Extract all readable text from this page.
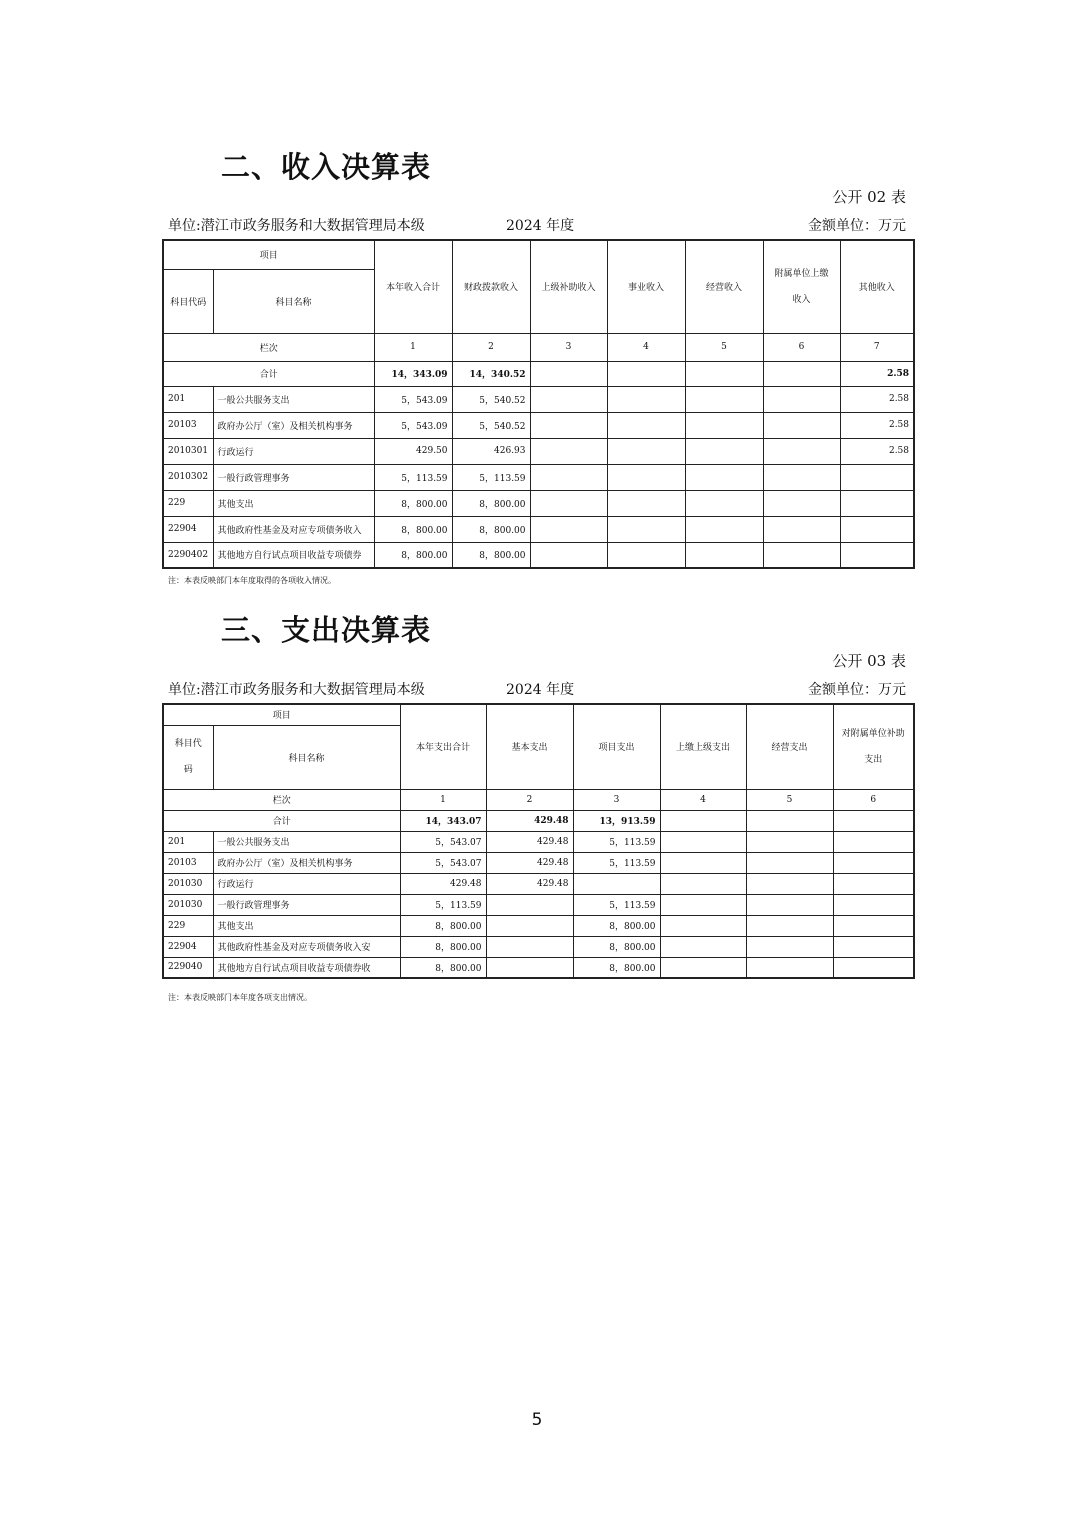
二、收入决算表
公开 02 表
单位:潜江市政务服务和大数据管理局本级	2024 年度	金额单位：万元
项目		本年收入合计	财政拨款收入	上级补助收入	事业收入	经营收入	附属单位上缴收入	其他收入
科目代码	科目名称							
栏次		1	2	3	4	5	6	7
合计		14，343.09	14，340.52					2.58
201	一般公共服务支出	5，543.09	5，540.52					2.58
20103	政府办公厅（室）及相关机构事务	5，543.09	5，540.52					2.58
2010301	行政运行	429.50	426.93					2.58
2010302	一般行政管理事务	5，113.59	5，113.59					
229	其他支出	8，800.00	8，800.00					
22904	其他政府性基金及对应专项债务收入	8，800.00	8，800.00					
2290402	其他地方自行试点项目收益专项债券	8，800.00	8，800.00					
注：本表反映部门本年度取得的各项收入情况。
三、支出决算表
公开 03 表
单位:潜江市政务服务和大数据管理局本级	2024 年度	金额单位：万元
项目		本年支出合计	基本支出	项目支出	上缴上级支出	经营支出	对附属单位补助支出
科目代码	科目名称						
栏次		1	2	3	4	5	6
合计		14，343.07	429.48	13，913.59			
201	一般公共服务支出	5，543.07	429.48	5，113.59			
20103	政府办公厅（室）及相关机构事务	5，543.07	429.48	5，113.59			
201030	行政运行	429.48	429.48				
201030	一般行政管理事务	5，113.59		5，113.59			
229	其他支出	8，800.00		8，800.00			
22904	其他政府性基金及对应专项债务收入安	8，800.00		8，800.00			
229040	其他地方自行试点项目收益专项债券收	8，800.00		8，800.00			
注：本表反映部门本年度各项支出情况。
5
